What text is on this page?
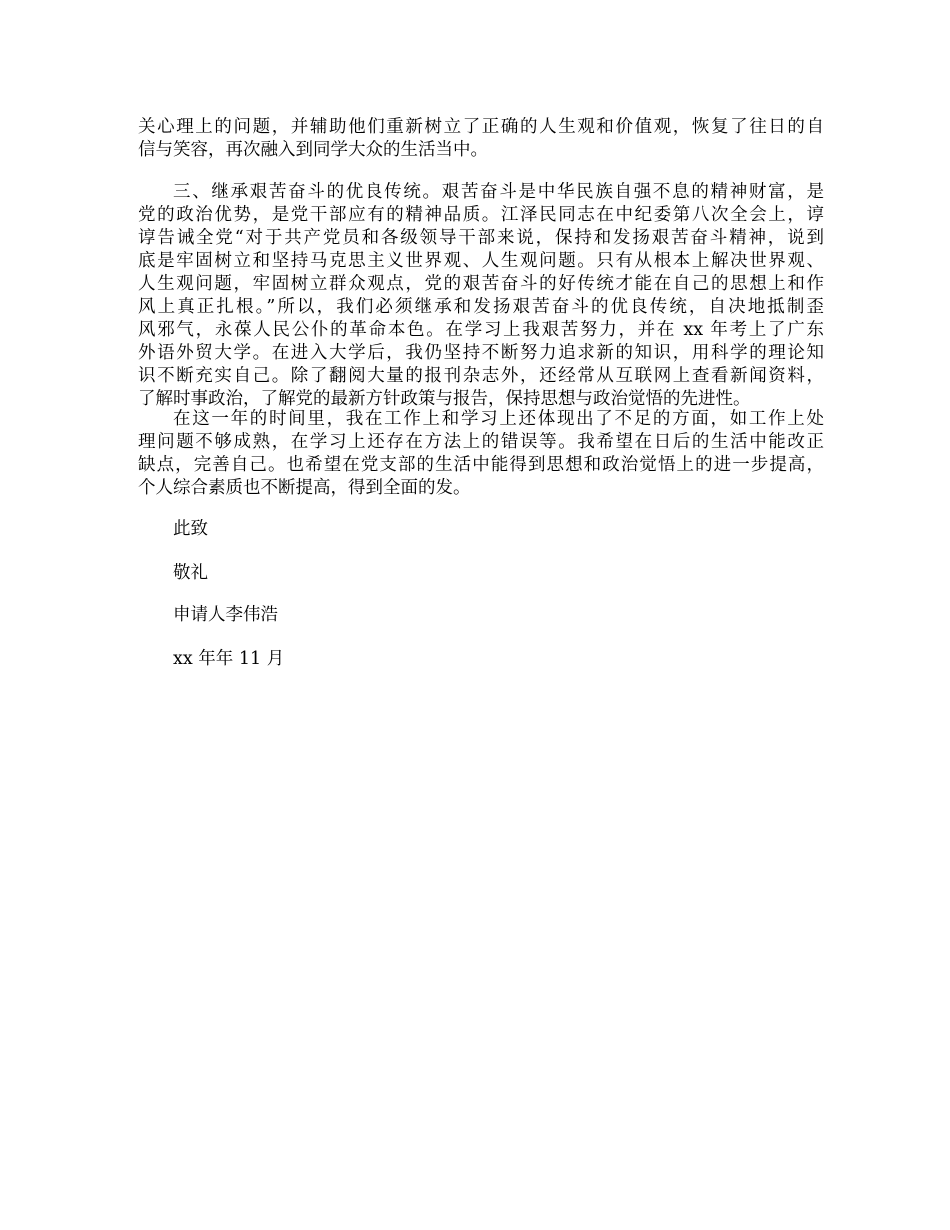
关心理上的问题，并辅助他们重新树立了正确的人生观和价值观，恢复了往日的自
信与笑容，再次融入到同学大众的生活当中。
三、继承艰苦奋斗的优良传统。艰苦奋斗是中华民族自强不息的精神财富，是
党的政治优势，是党干部应有的精神品质。江泽民同志在中纪委第八次全会上，谆
谆告诫全党“对于共产党员和各级领导干部来说，保持和发扬艰苦奋斗精神，说到
底是牢固树立和坚持马克思主义世界观、人生观问题。只有从根本上解决世界观、
人生观问题，牢固树立群众观点，党的艰苦奋斗的好传统才能在自己的思想上和作
风上真正扎根。”所以，我们必须继承和发扬艰苦奋斗的优良传统，自决地抵制歪
风邪气，永葆人民公仆的革命本色。在学习上我艰苦努力，并在 xx 年考上了广东
外语外贸大学。在进入大学后，我仍坚持不断努力追求新的知识，用科学的理论知
识不断充实自己。除了翻阅大量的报刊杂志外，还经常从互联网上查看新闻资料，
了解时事政治，了解党的最新方针政策与报告，保持思想与政治觉悟的先进性。
在这一年的时间里，我在工作上和学习上还体现出了不足的方面，如工作上处
理问题不够成熟，在学习上还存在方法上的错误等。我希望在日后的生活中能改正
缺点，完善自己。也希望在党支部的生活中能得到思想和政治觉悟上的进一步提高，
个人综合素质也不断提高，得到全面的发。
此致
敬礼
申请人李伟浩
xx 年年 11 月
